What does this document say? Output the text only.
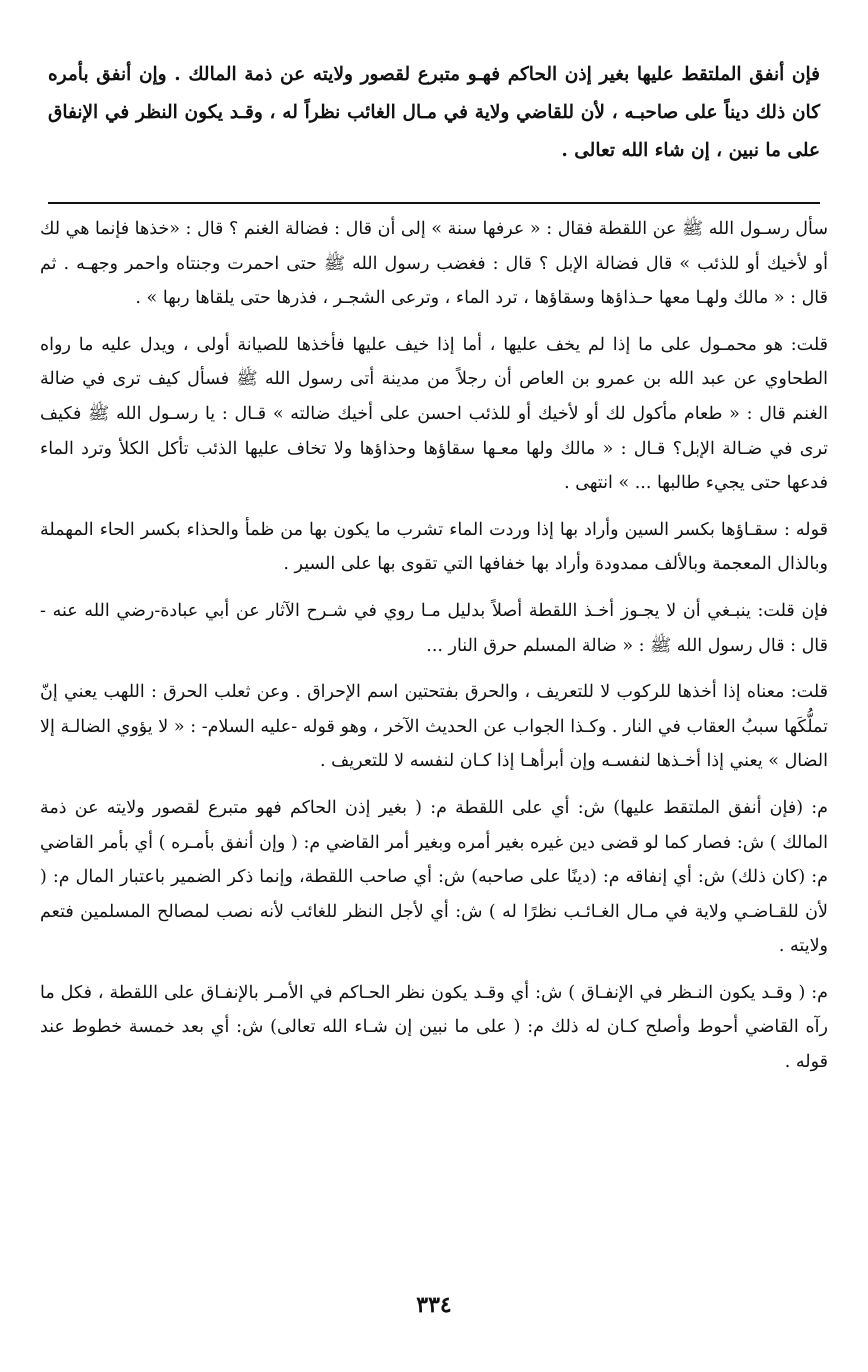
فإن أنفق الملتقط عليها بغير إذن الحاكم فهـو متبرع لقصور ولايته عن ذمة المالك . وإن أنفق بأمره كان ذلك ديناً على صاحبـه ، لأن للقاضي ولاية في مـال الغائب نظراً له ، وقـد يكون النظر في الإنفاق على ما نبين ، إن شاء الله تعالى .

سأل رسـول الله ﷺ عن اللقطة فقال : « عرفها سنة » إلى أن قال : فضالة الغنم ؟ قال : «خذها فإنما هي لك أو لأخيك أو للذئب » قال فضالة الإبل ؟ قال : فغضب رسول الله ﷺ حتى احمرت وجنتاه واحمر وجهـه . ثم قال : « مالك ولهـا معها حـذاؤها وسقاؤها ، ترد الماء ، وترعى الشجـر ، فذرها حتى يلقاها ربها » .

قلت: هو محمـول على ما إذا لم يخف عليها ، أما إذا خيف عليها فأخذها للصيانة أولى ، ويدل عليه ما رواه الطحاوي عن عبد الله بن عمرو بن العاص أن رجلاً من مدينة أتى رسول الله ﷺ فسأل كيف ترى في ضالة الغنم قال : « طعام مأكول لك أو لأخيك أو للذئب احسن على أخيك ضالته » قـال : يا رسـول الله ﷺ فكيف ترى في ضـالة الإبل؟ قـال : « مالك ولها معـها سقاؤها وحذاؤها ولا تخاف عليها الذئب تأكل الكلأ وترد الماء فدعها حتى يجيء طالبها ... » انتهى .

قوله : سقـاؤها بكسر السين وأراد بها إذا وردت الماء تشرب ما يكون بها من ظمأ والحذاء بكسر الحاء المهملة وبالذال المعجمة وبالألف ممدودة وأراد بها خفافها التي تقوى بها على السير .

فإن قلت: ينبـغي أن لا يجـوز أخـذ اللقطة أصلاً بدليل مـا روي في شـرح الآثار عن أبي عبادة-رضي الله عنه - قال : قال رسول الله ﷺ : « ضالة المسلم حرق النار ...

قلت: معناه إذا أخذها للركوب لا للتعريف ، والحرق بفتحتين اسم الإحراق . وعن ثعلب الحرق : اللهب يعني إنّ تملُّكَها سببُ العقاب في النار . وكـذا الجواب عن الحديث الآخر ، وهو قوله -عليه السلام- : « لا يؤوي الضالـة إلا الضال » يعني إذا أخـذها لنفسـه وإن أبرأهـا إذا كـان لنفسه لا للتعريف .

م: (فإن أنفق الملتقط عليها) ش: أي على اللقطة م: ( بغير إذن الحاكم فهو متبرع لقصور ولايته عن ذمة المالك ) ش: فصار كما لو قضى دين غيره بغير أمره وبغير أمر القاضي م: ( وإن أنفق بأمـره ) أي بأمر القاضي م: (كان ذلك) ش: أي إنفاقه م: (دينًا على صاحبه) ش: أي صاحب اللقطة، وإنما ذكر الضمير باعتبار المال م: ( لأن للقـاضـي ولاية في مـال الغـائـب نظرًا له ) ش: أي لأجل النظر للغائب لأنه نصب لمصالح المسلمين فتعم ولايته .

م: ( وقـد يكون النـظر في الإنفـاق ) ش: أي وقـد يكون نظر الحـاكم في الأمـر بالإنفـاق على اللقطة ، فكل ما رآه القاضي أحوط وأصلح كـان له ذلك م: ( على ما نبين إن شـاء الله تعالى) ش: أي بعد خمسة خطوط عند قوله .

٣٣٤
